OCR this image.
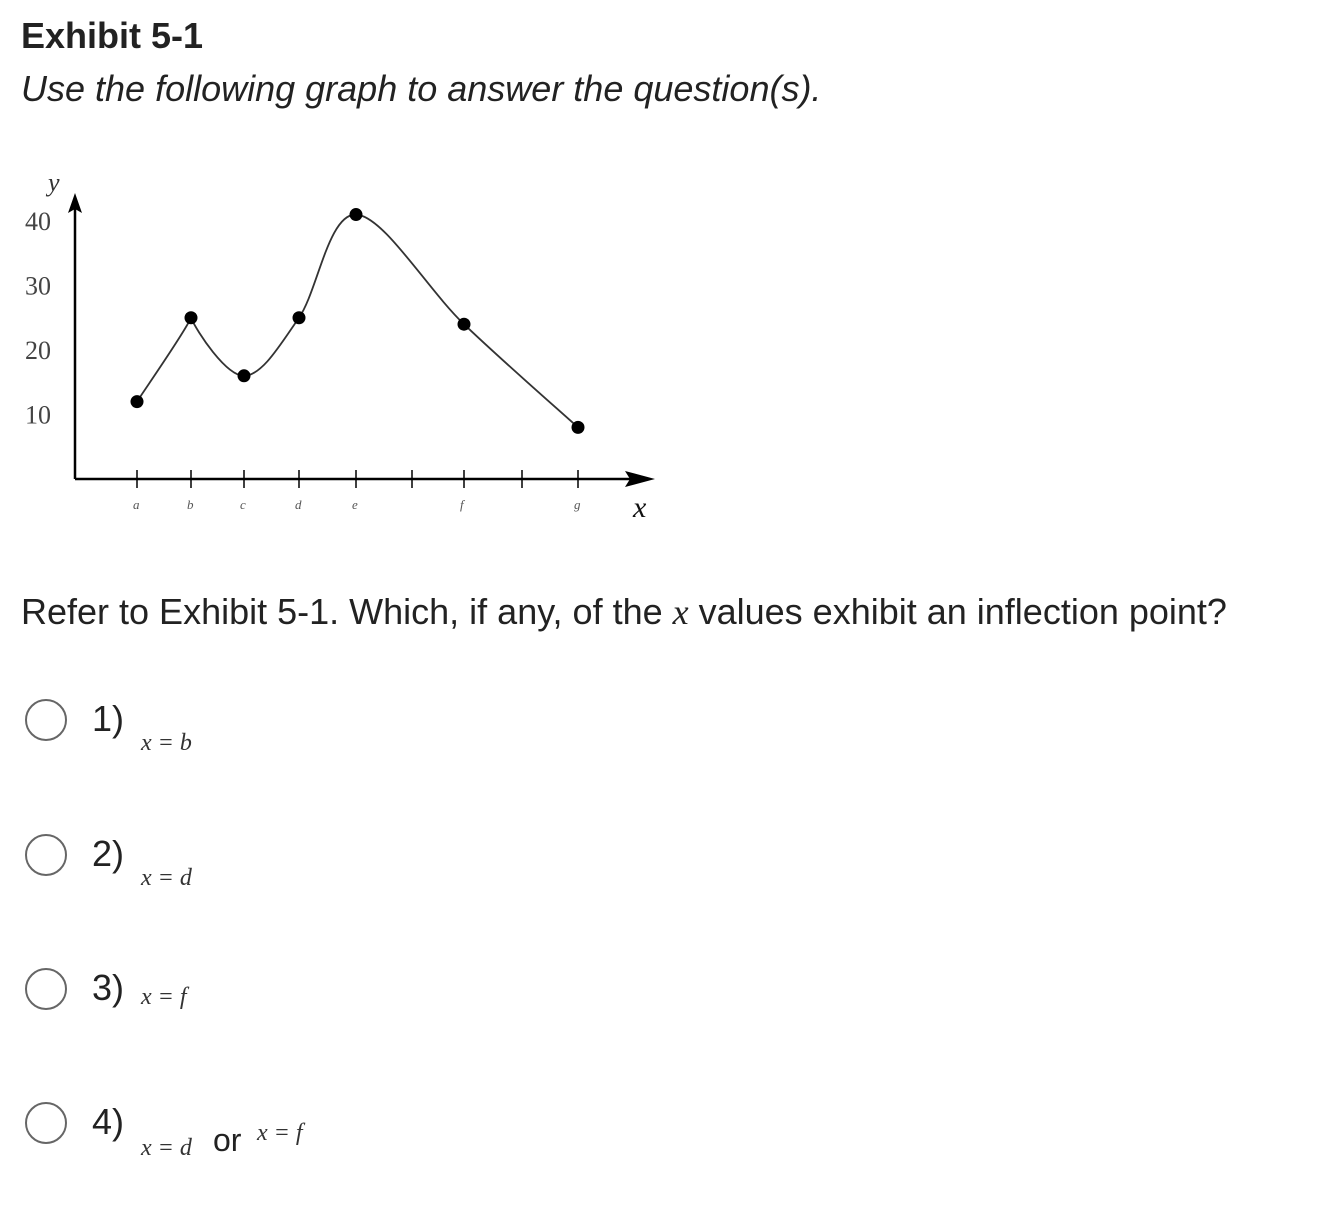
Exhibit 5-1

Use the following graph to answer the question(s).

y
x
10
20
30
40
a	b	c	d	e	f	g

Refer to Exhibit 5-1. Which, if any, of the x values exhibit an inflection point?

1)
x = b
2)
x = d
3) x = f
4)
x = d or x = f
